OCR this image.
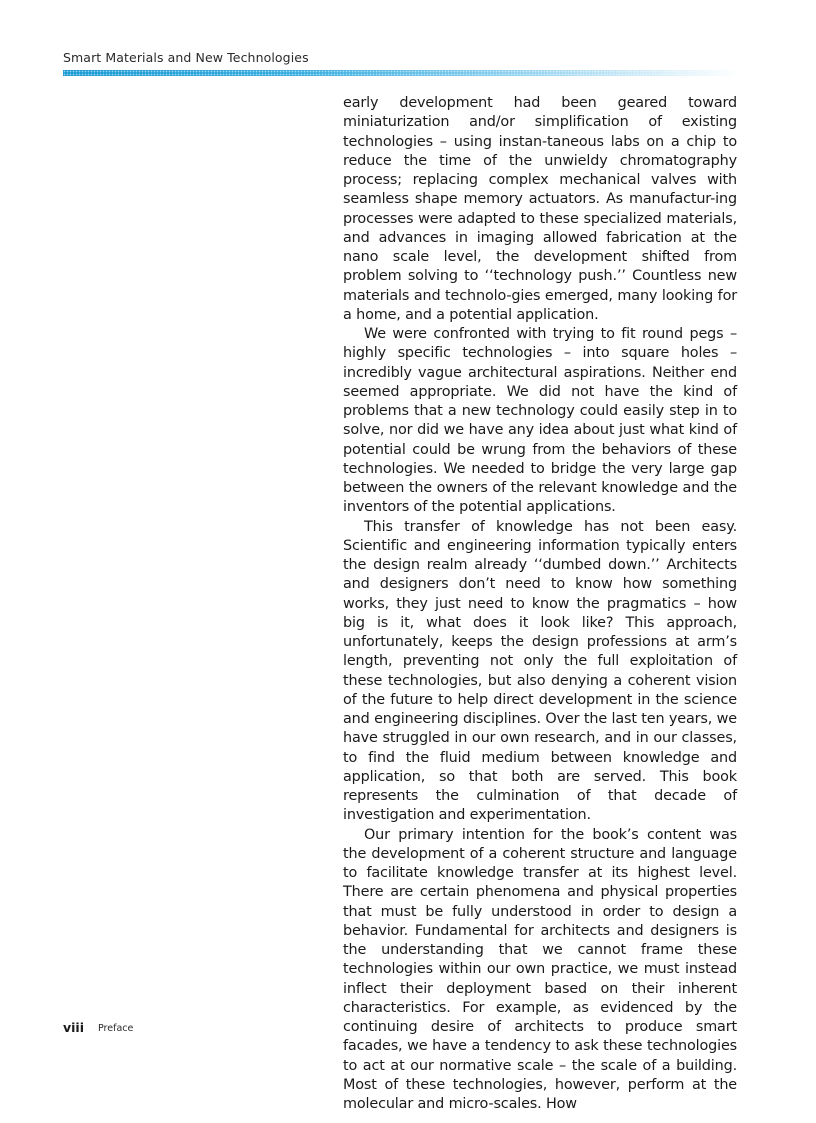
Smart Materials and New Technologies

early development had been geared toward miniaturization and/or simplification of existing technologies – using instan-taneous labs on a chip to reduce the time of the unwieldy chromatography process; replacing complex mechanical valves with seamless shape memory actuators. As manufactur-ing processes were adapted to these specialized materials, and advances in imaging allowed fabrication at the nano scale level, the development shifted from problem solving to ‘‘technology push.’’ Countless new materials and technolo-gies emerged, many looking for a home, and a potential application.

We were confronted with trying to fit round pegs – highly specific technologies – into square holes – incredibly vague architectural aspirations. Neither end seemed appropriate. We did not have the kind of problems that a new technology could easily step in to solve, nor did we have any idea about just what kind of potential could be wrung from the behaviors of these technologies. We needed to bridge the very large gap between the owners of the relevant knowledge and the inventors of the potential applications.

This transfer of knowledge has not been easy. Scientific and engineering information typically enters the design realm already ‘‘dumbed down.’’ Architects and designers don’t need to know how something works, they just need to know the pragmatics – how big is it, what does it look like? This approach, unfortunately, keeps the design professions at arm’s length, preventing not only the full exploitation of these technologies, but also denying a coherent vision of the future to help direct development in the science and engineering disciplines. Over the last ten years, we have struggled in our own research, and in our classes, to find the fluid medium between knowledge and application, so that both are served. This book represents the culmination of that decade of investigation and experimentation.

Our primary intention for the book’s content was the development of a coherent structure and language to facilitate knowledge transfer at its highest level. There are certain phenomena and physical properties that must be fully understood in order to design a behavior. Fundamental for architects and designers is the understanding that we cannot frame these technologies within our own practice, we must instead inflect their deployment based on their inherent characteristics. For example, as evidenced by the continuing desire of architects to produce smart facades, we have a tendency to ask these technologies to act at our normative scale – the scale of a building. Most of these technologies, however, perform at the molecular and micro-scales. How

viii Preface
